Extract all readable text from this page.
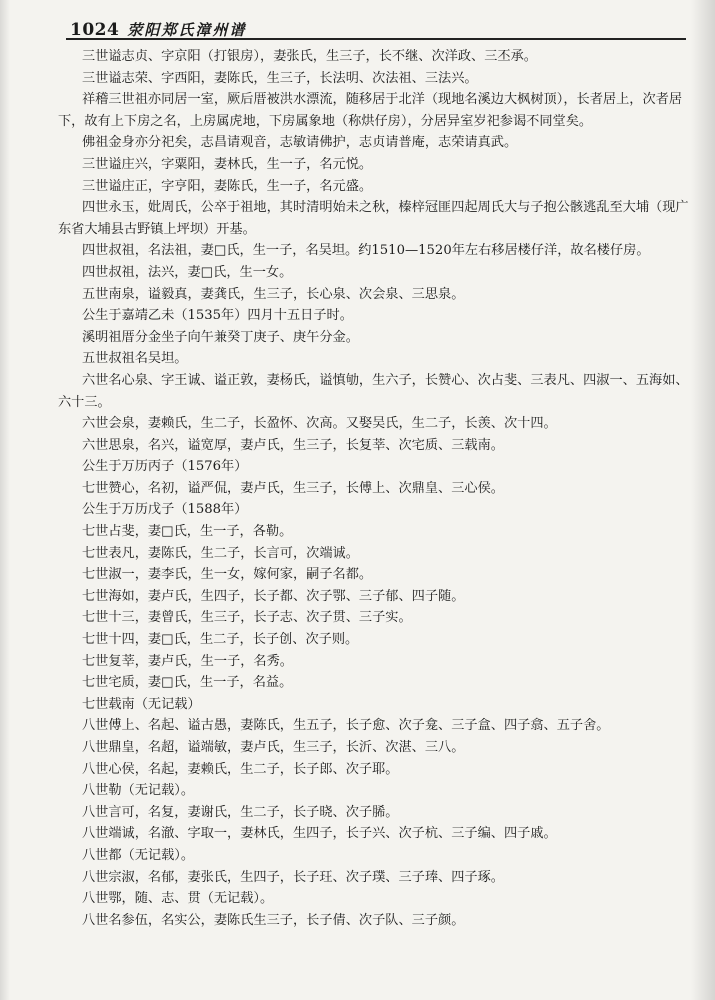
1024 荥阳郑氏漳州谱

三世谥志贞、字京阳（打银房），妻张氏，生三子，长不继、次洋政、三丕承。

三世谥志荣、字西阳，妻陈氏，生三子，长法明、次法祖、三法兴。

祥稽三世祖亦同居一室，厥后厝被洪水漂流，随移居于北洋（现地名溪边大枫树顶），长者居上，次者居下，故有上下房之名，上房属虎地，下房属象地（称烘仔房），分居异室岁祀参谒不同堂矣。

佛祖金身亦分祀矣，志昌请观音，志敏请佛护，志贞请普庵，志荣请真武。

三世谥庄兴，字粟阳，妻林氏，生一子，名元悦。

三世谥庄正，字亨阳，妻陈氏，生一子，名元盛。

四世永玉，妣周氏，公卒于祖地，其时清明始未之秋，榛梓冠匪四起周氏大与子抱公骸逃乱至大埔（现广东省大埔县古野镇上坪坝）开基。

四世叔祖，名法祖，妻□氏，生一子，名吴坦。约1510—1520年左右移居楼仔洋，故名楼仔房。

四世叔祖，法兴，妻□氏，生一女。

五世南泉，谥毅真，妻龚氏，生三子，长心泉、次会泉、三思泉。

公生于嘉靖乙未（1535年）四月十五日子时。

溪明祖厝分金坐子向午兼癸丁庚子、庚午分金。

五世叔祖名吴坦。

六世名心泉、字王诚、谥正敦，妻杨氏，谥慎劬，生六子，长赞心、次占斐、三表凡、四淑一、五海如、六十三。

六世会泉，妻赖氏，生二子，长盈怀、次高。又娶吴氏，生二子，长羡、次十四。

六世思泉，名兴，谥宽厚，妻卢氏，生三子，长复莘、次宅质、三载南。

公生于万历丙子（1576年）

七世赞心，名初，谥严侃，妻卢氏，生三子，长傅上、次鼎皇、三心侯。

公生于万历戊子（1588年）

七世占斐，妻□氏，生一子，各勒。

七世表凡，妻陈氏，生二子，长言可，次端诚。

七世淑一，妻李氏，生一女，嫁何家，嗣子名都。

七世海如，妻卢氏，生四子，长子都、次子鄂、三子郁、四子随。

七世十三，妻曾氏，生三子，长子志、次子贯、三子实。

七世十四，妻□氏，生二子，长子创、次子则。

七世复莘，妻卢氏，生一子，名秀。

七世宅质，妻□氏，生一子，名益。

七世载南（无记载）

八世傅上、名起、谥古愚，妻陈氏，生五子，长子愈、次子龛、三子盒、四子翕、五子舍。

八世鼎皇，名超，谥端敏，妻卢氏，生三子，长沂、次湛、三八。

八世心侯，名起，妻赖氏，生二子，长子郎、次子耶。

八世勒（无记载）。

八世言可，名复，妻谢氏，生二子，长子晓、次子脪。

八世端诚，名澈、字取一，妻林氏，生四子，长子兴、次子杭、三子编、四子戚。

八世都（无记载）。

八世宗淑，名郁，妻张氏，生四子，长子玨、次子璞、三子琫、四子琢。

八世鄂，随、志、贯（无记载）。

八世名参伍，名实公，妻陈氏生三子，长子倩、次子队、三子颜。
